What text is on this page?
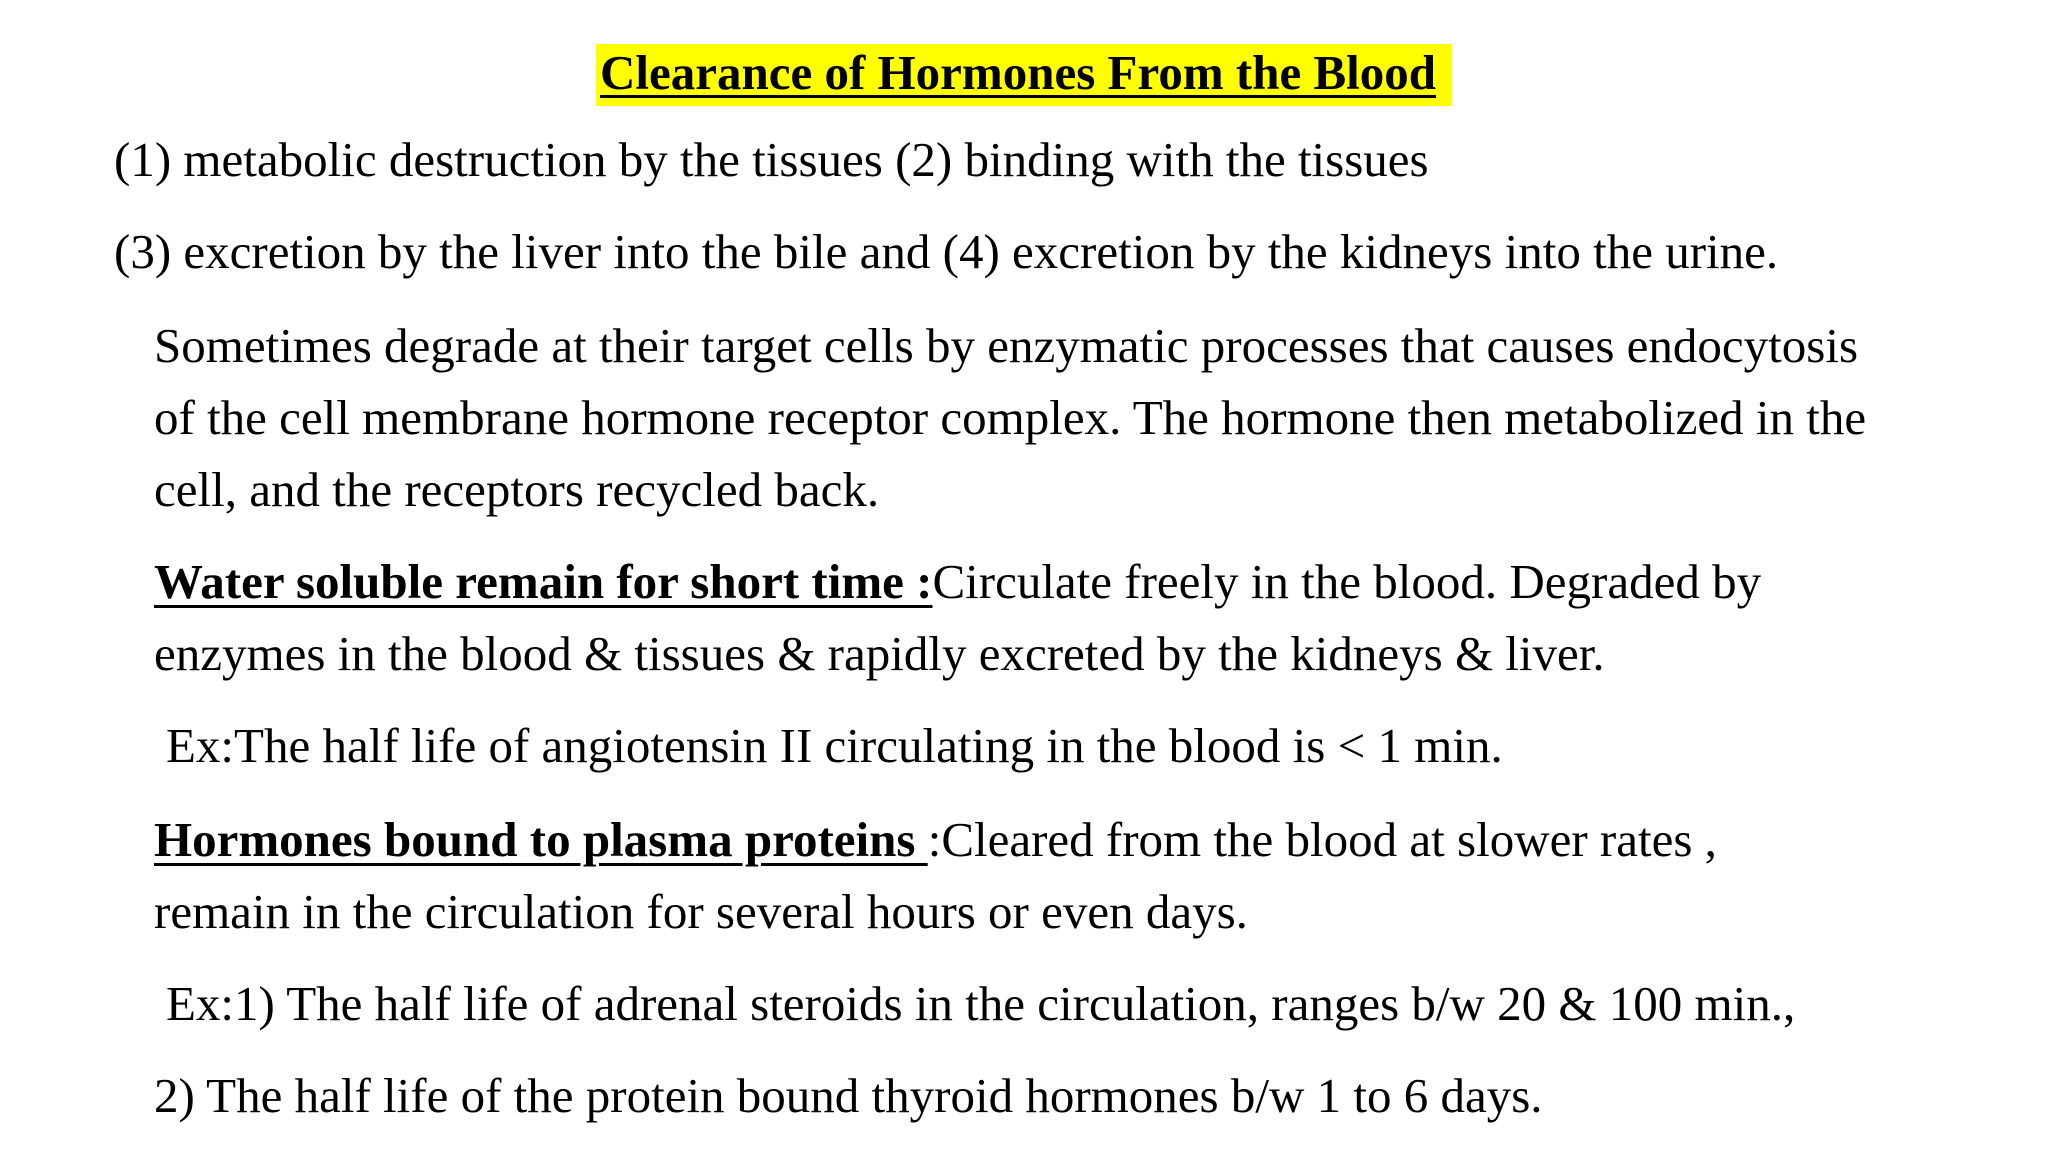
Clearance of Hormones From the Blood
(1) metabolic destruction by the tissues (2) binding with the tissues
(3) excretion by the liver into the bile and (4) excretion by the kidneys into the urine.
Sometimes degrade at their target cells by enzymatic processes that causes endocytosis
of the cell membrane hormone receptor complex. The hormone then metabolized in the
cell, and the receptors recycled back.
Water soluble remain for short time :Circulate freely in the blood. Degraded by
enzymes in the blood & tissues & rapidly excreted by the kidneys & liver.
Ex:The half life of angiotensin II circulating in the blood is < 1 min.
Hormones bound to plasma proteins :Cleared from the blood at slower rates ,
remain in the circulation for several hours or even days.
Ex:1) The half life of adrenal steroids in the circulation, ranges b/w 20 & 100 min.,
2) The half life of the protein bound thyroid hormones b/w 1 to 6 days.
